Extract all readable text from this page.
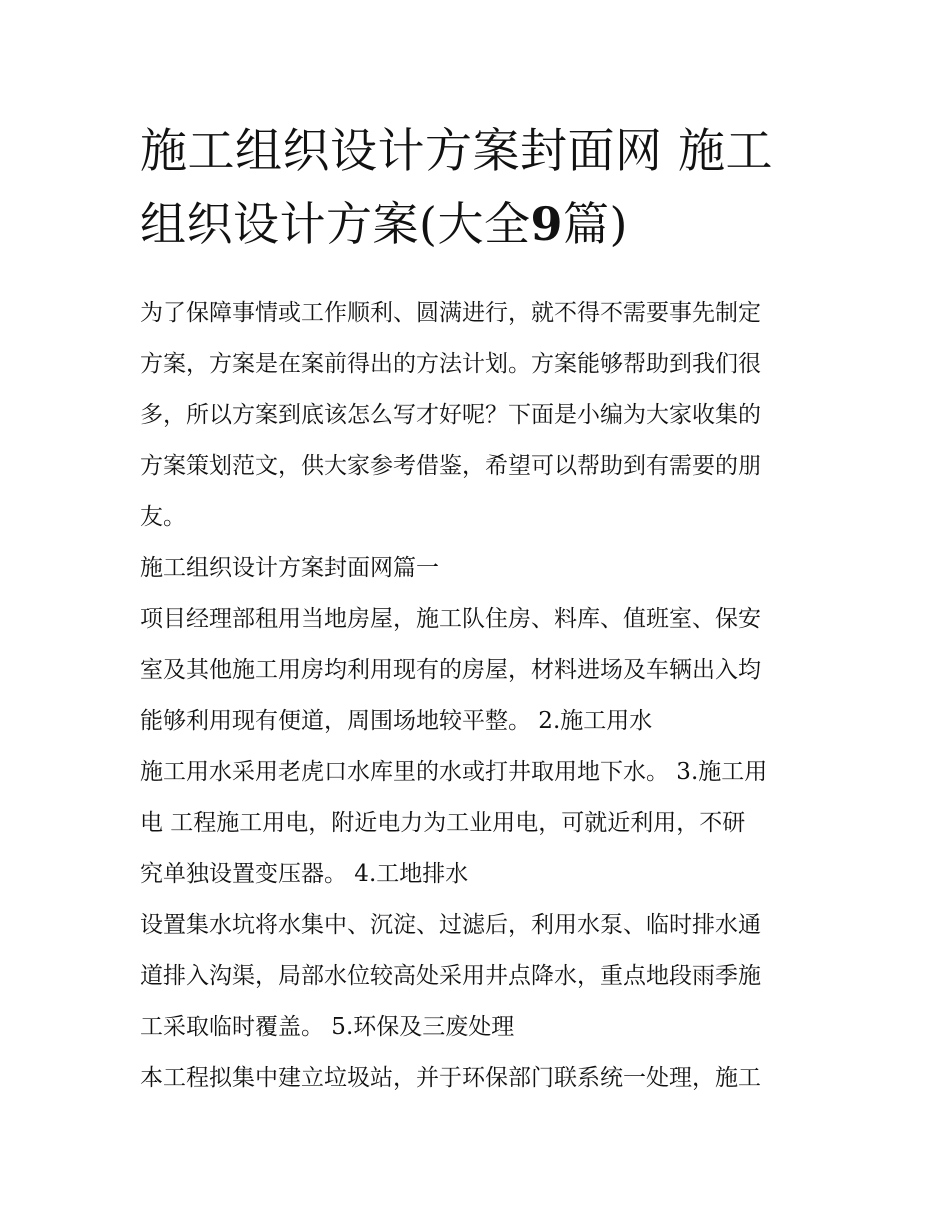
施工组织设计方案封面网 施工
组织设计方案(大全9篇)
为了保障事情或工作顺利、圆满进行，就不得不需要事先制定
方案，方案是在案前得出的方法计划。方案能够帮助到我们很
多，所以方案到底该怎么写才好呢？下面是小编为大家收集的
方案策划范文，供大家参考借鉴，希望可以帮助到有需要的朋
友。
施工组织设计方案封面网篇一
项目经理部租用当地房屋，施工队住房、料库、值班室、保安
室及其他施工用房均利用现有的房屋，材料进场及车辆出入均
能够利用现有便道，周围场地较平整。 2.施工用水
施工用水采用老虎口水库里的水或打井取用地下水。 3.施工用
电 工程施工用电，附近电力为工业用电，可就近利用，不研
究单独设置变压器。 4.工地排水
设置集水坑将水集中、沉淀、过滤后，利用水泵、临时排水通
道排入沟渠，局部水位较高处采用井点降水，重点地段雨季施
工采取临时覆盖。 5.环保及三废处理
本工程拟集中建立垃圾站，并于环保部门联系统一处理，施工
